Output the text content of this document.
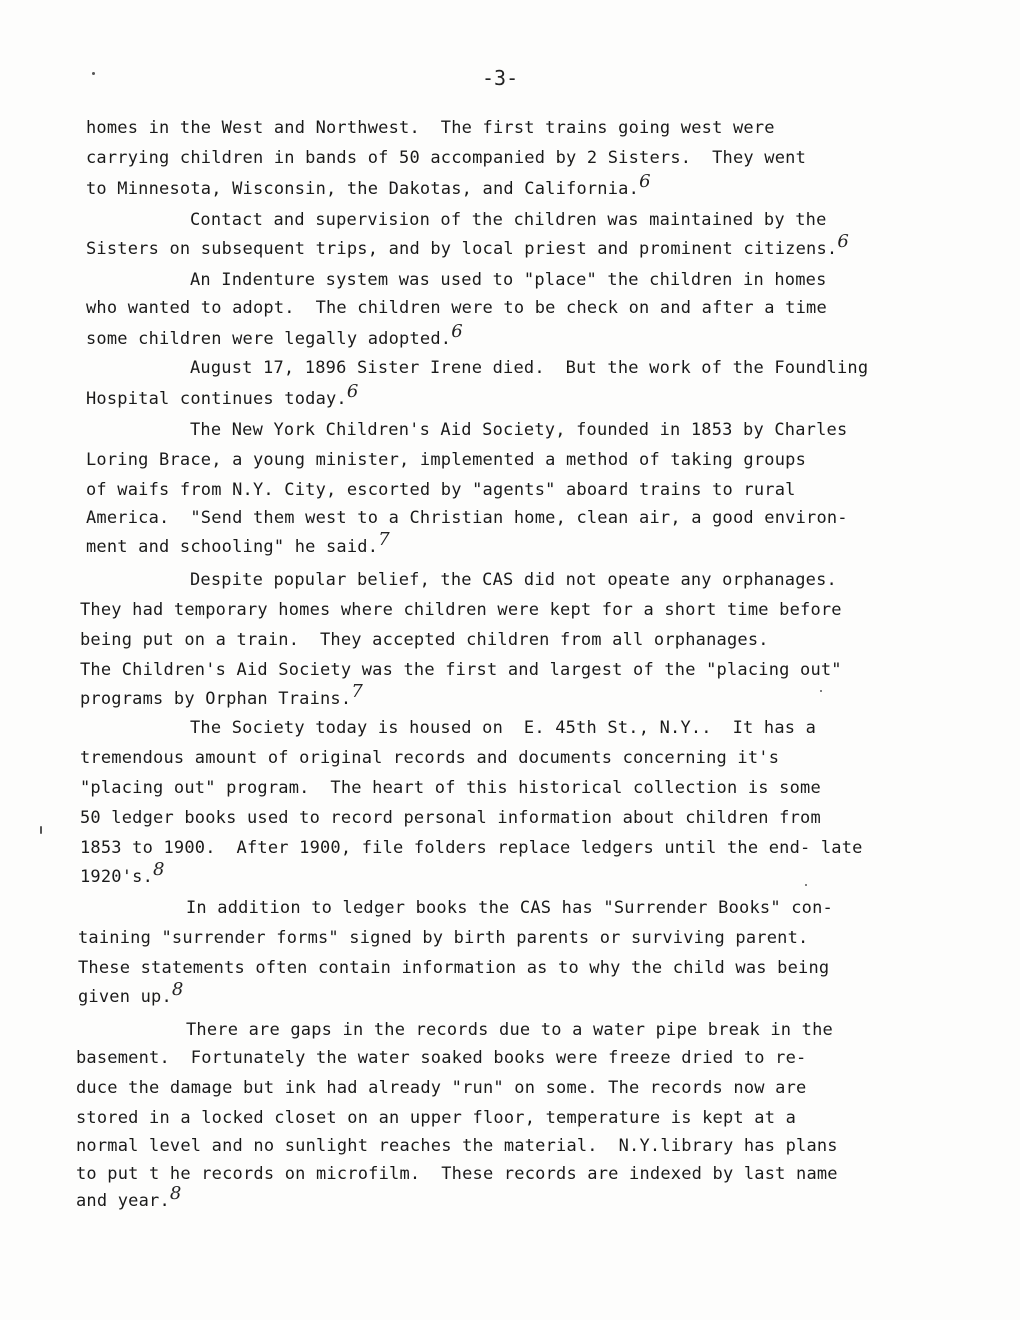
-3-
homes in the West and Northwest.  The first trains going west were
carrying children in bands of 50 accompanied by 2 Sisters.  They went
to Minnesota, Wisconsin, the Dakotas, and California.6
Contact and supervision of the children was maintained by the
Sisters on subsequent trips, and by local priest and prominent citizens.6
An Indenture system was used to "place" the children in homes
who wanted to adopt.  The children were to be check on and after a time
some children were legally adopted.6
August 17, 1896 Sister Irene died.  But the work of the Foundling
Hospital continues today.6
The New York Children's Aid Society, founded in 1853 by Charles
Loring Brace, a young minister, implemented a method of taking groups
of waifs from N.Y. City, escorted by "agents" aboard trains to rural
America.  "Send them west to a Christian home, clean air, a good environ-
ment and schooling" he said.7
Despite popular belief, the CAS did not opeate any orphanages.
They had temporary homes where children were kept for a short time before
being put on a train.  They accepted children from all orphanages.
The Children's Aid Society was the first and largest of the "placing out"
programs by Orphan Trains.7
The Society today is housed on  E. 45th St., N.Y..  It has a
tremendous amount of original records and documents concerning it's
"placing out" program.  The heart of this historical collection is some
50 ledger books used to record personal information about children from
1853 to 1900.  After 1900, file folders replace ledgers until the end- late
1920's.8
In addition to ledger books the CAS has "Surrender Books" con-
taining "surrender forms" signed by birth parents or surviving parent.
These statements often contain information as to why the child was being
given up.8
There are gaps in the records due to a water pipe break in the
basement.  Fortunately the water soaked books were freeze dried to re-
duce the damage but ink had already "run" on some. The records now are
stored in a locked closet on an upper floor, temperature is kept at a
normal level and no sunlight reaches the material.  N.Y.library has plans
to put t he records on microfilm.  These records are indexed by last name
and year.8
